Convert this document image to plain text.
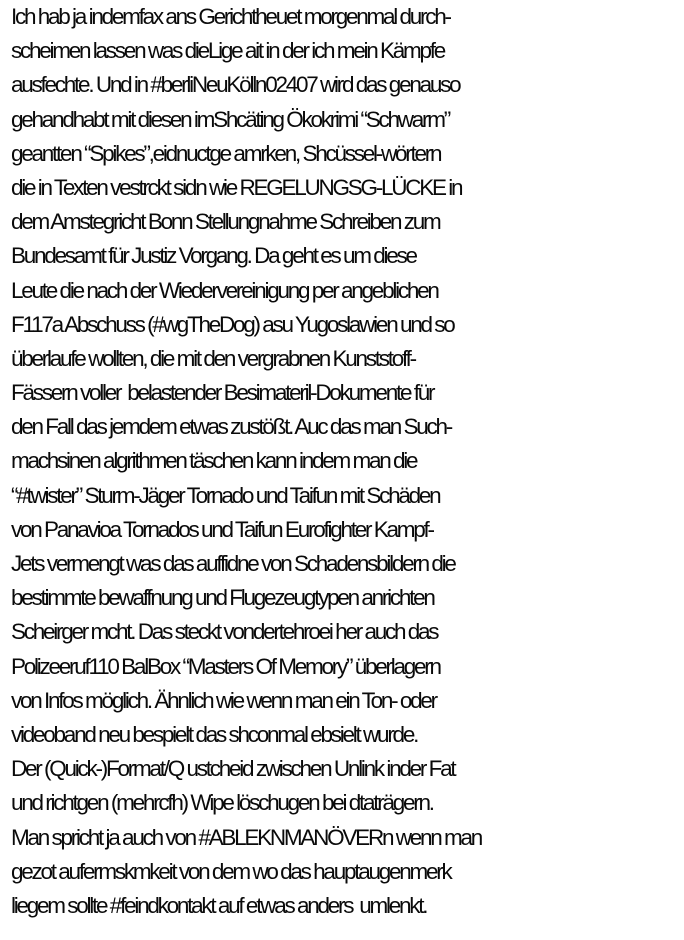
Ich hab ja indemfax ans Gerichtheuet morgenmal durch-
scheimen lassen was dieLige ait in der ich mein Kämpfe
ausfechte. Und in #berliNeuKölln02407 wird das genauso
gehandhabt mit diesen imShcäting Ökokrimi “Schwarm”
geantten “Spikes”,eidnuctge amrken, Shcüssel-wörtern
die in Texten vestrckt sidn wie REGELUNGSG-LÜCKE in
dem Amstegricht Bonn Stellungnahme Schreiben zum
Bundesamt für Justiz Vorgang. Da geht es um diese
Leute die nach der Wiedervereinigung per angeblichen
F117a Abschuss (#wgTheDog) asu Yugoslawien und so
überlaufe wollten, die mit den vergrabnen Kunststoff-
Fässern voller  belastender Besimateril-Dokumente für
den Fall das jemdem etwas zustößt. Auc das man Such-
machsinen algrithmen täschen kann indem man die
“#twister” Sturm-Jäger Tornado und Taifun mit Schäden
von Panavioa Tornados und Taifun Eurofighter Kampf-
Jets vermengt was das auffidne von Schadensbildern die
bestimmte bewaffnung und Flugezeugtypen anrichten
Scheirger mcht. Das steckt vondertehroei her auch das
Polizeeruf110 BalBox “Masters Of Memory” überlagern
von Infos möglich. Ähnlich wie wenn man ein Ton- oder
videoband neu bespielt das shconmal ebsielt wurde.
Der (Quick-)Format/Q ustcheid zwischen Unlink inder Fat
und richtgen (mehrcfh) Wipe löschugen bei dtaträgern.
Man spricht ja auch von #ABLEKNMANÖVERn wenn man
gezot aufermskmkeit von dem wo das hauptaugenmerk
liegem sollte #feindkontakt auf etwas anders  umlenkt.
